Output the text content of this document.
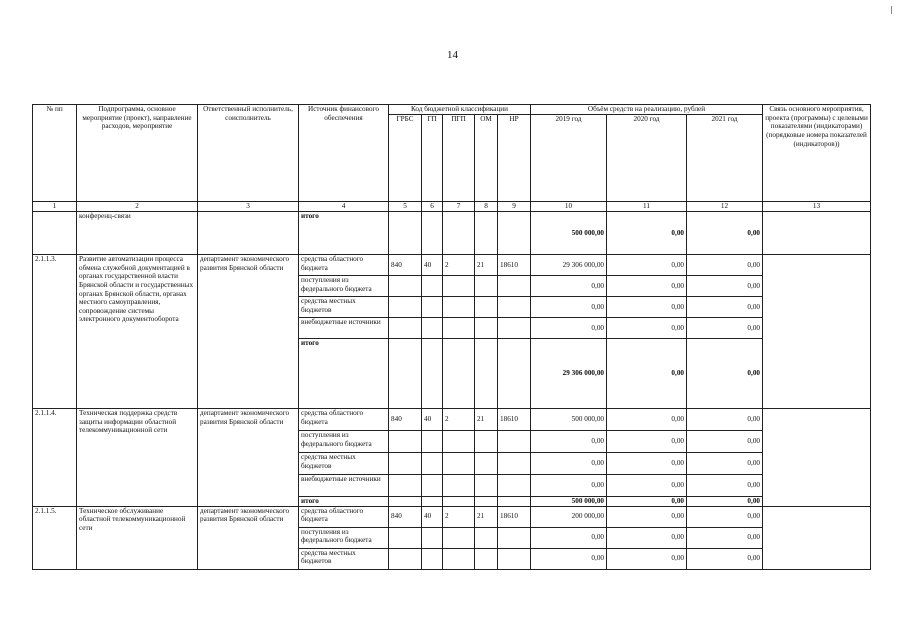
14
№ пп	Подпрограмма, основное мероприятие (проект), направление расходов, мероприятие	Ответственный исполнитель, соисполнитель	Источник финансового обеспечения	Код бюджетной классификации					Объём средств на реализацию, рублей			Связь основного мероприятия, проекта (программы) с целевыми показателями (индикаторами) (порядковые номера показателей (индикаторов))
				ГРБС	ГП	ПГП	ОМ	НР	2019 год	2020 год	2021 год	
1	2	3	4	5	6	7	8	9	10	11	12	13
	конференц-связи		итого						500 000,00	0,00	0,00	
2.1.1.3.	Развитие автоматизации процесса обмена служебной документацией в органах государственной власти Брянской области и государственных органах Брянской области, органах местного самоуправления, сопровождение системы электронного документооборота	департамент экономического развития Брянской области	средства областного бюджета	840	40	2	21	18610	29 306 000,00	0,00	0,00	
			поступления из федерального бюджета						0,00	0,00	0,00	
			средства местных бюджетов						0,00	0,00	0,00	
			внебюджетные источники						0,00	0,00	0,00	
			итого						29 306 000,00	0,00	0,00	
2.1.1.4.	Техническая поддержка средств защиты информации областной телекоммуникационной сети	департамент экономического развития Брянской области	средства областного бюджета	840	40	2	21	18610	500 000,00	0,00	0,00	
			поступления из федерального бюджета						0,00	0,00	0,00	
			средства местных бюджетов						0,00	0,00	0,00	
			внебюджетные источники						0,00	0,00	0,00	
			итого						500 000,00	0,00	0,00	
2.1.1.5.	Техническое обслуживание областной телекоммуникационной сети	департамент экономического развития Брянской области	средства областного бюджета	840	40	2	21	18610	200 000,00	0,00	0,00	
			поступления из федерального бюджета						0,00	0,00	0,00	
			средства местных бюджетов						0,00	0,00	0,00	
